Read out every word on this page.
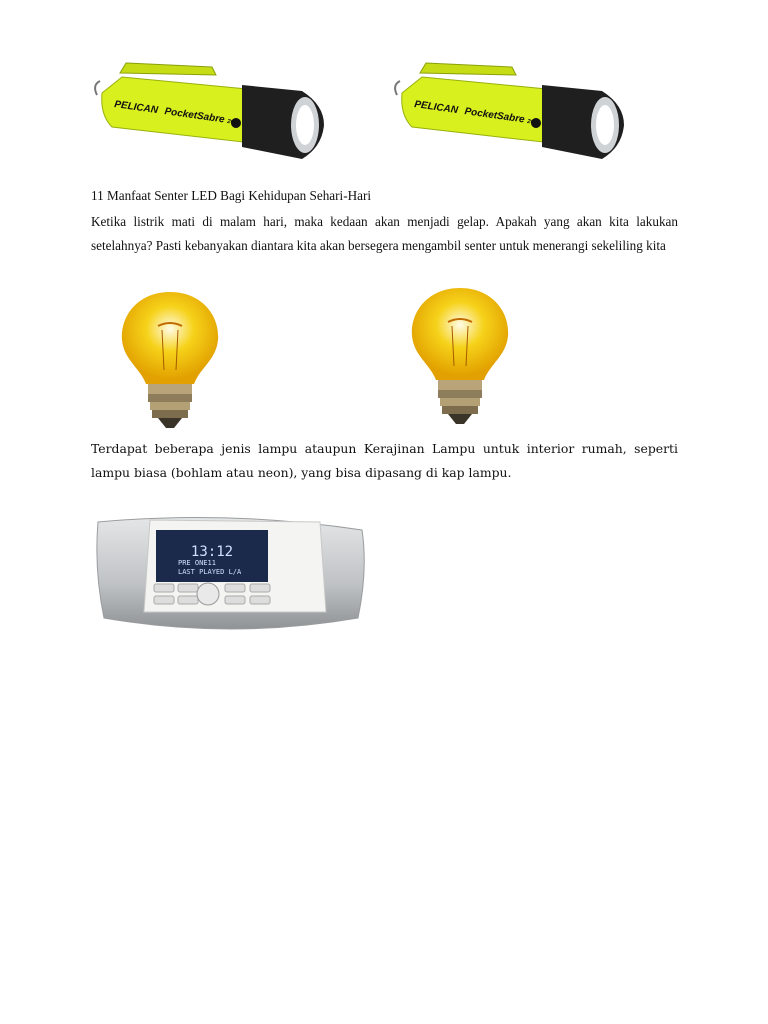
PELICAN PocketSabre 2C
PELICAN PocketSabre 2C
11 Manfaat Senter LED Bagi Kehidupan Sehari-Hari
Ketika listrik mati di malam hari, maka kedaan akan menjadi gelap. Apakah yang akan kita lakukan setelahnya? Pasti kebanyakan diantara kita akan bersegera mengambil senter untuk menerangi sekeliling kita
Terdapat beberapa jenis lampu ataupun Kerajinan Lampu untuk interior rumah, seperti lampu biasa (bohlam atau neon), yang bisa dipasang di kap lampu.
13:12
PRE ONE11
LAST PLAYED L/A
